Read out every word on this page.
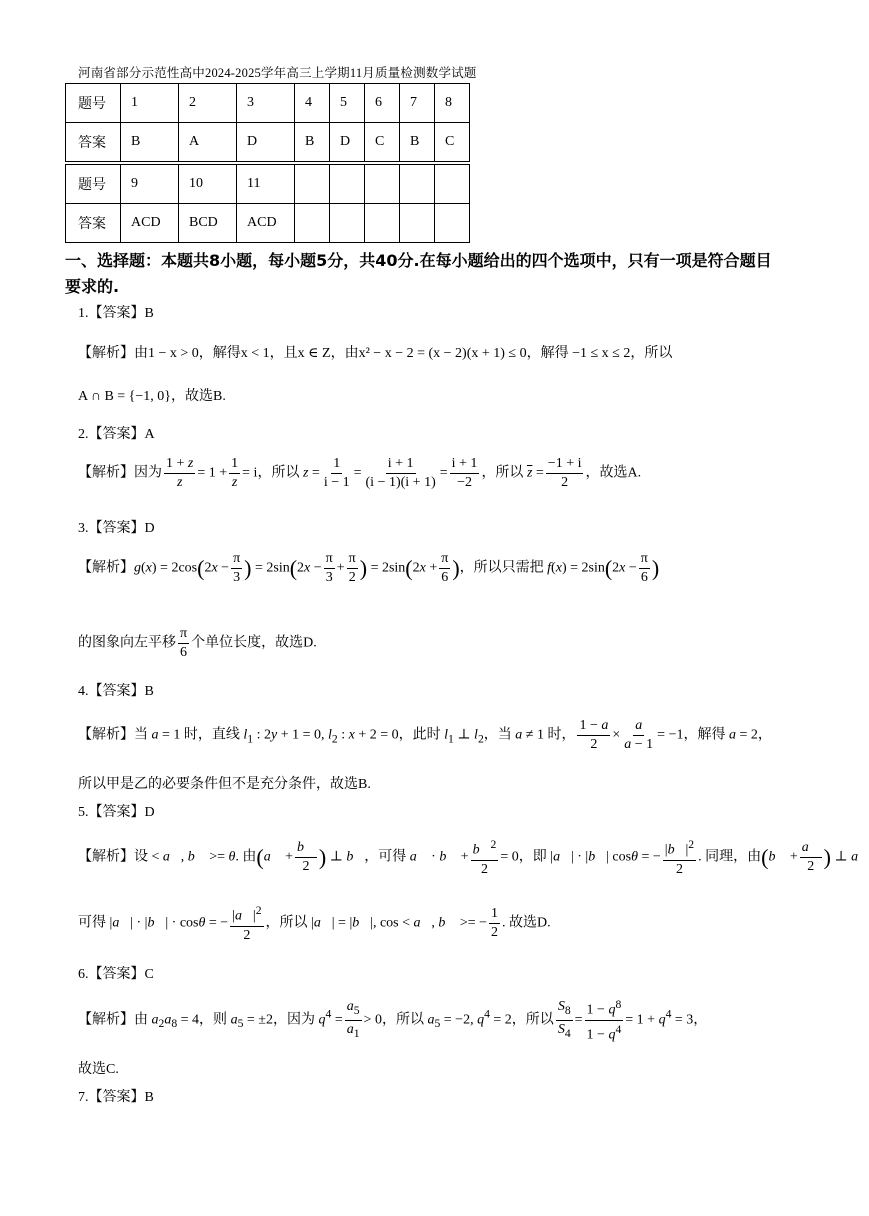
河南省部分示范性高中2024-2025学年高三上学期11月质量检测数学试题
题号	1	2	3	4	5	6	7	8
答案	B	A	D	B	D	C	B	C
题号	9	10	11					
答案	ACD	BCD	ACD					
一、选择题：本题共8小题，每小题5分，共40分.在每小题给出的四个选项中，只有一项是符合题目要求的.
1.【答案】B
【解析】由1 − x > 0，解得x < 1，且x ∈ Z，由x² − x − 2 = (x − 2)(x + 1) ≤ 0，解得 −1 ≤ x ≤ 2，所以
A ∩ B = {−1, 0}，故选B.
2.【答案】A
【解析】因为 $\frac{1 + z}{z} = 1 + \frac{1}{z} = i$，所以 $z = \frac{1}{i - 1} = \frac{i + 1}{(i - 1)(i + 1)} = \frac{i + 1}{-2}$ ，所以 $\overline{z} = \frac{-1 + i}{2}$ ，故选A.
3.【答案】D
【解析】$g(x) = 2\cos(2x - \frac{\pi}{3}$ ) = $2\sin(2x - \frac{\pi}{3} + \frac{\pi}{2}$ ) = $2\sin(2x + \frac{\pi}{6}$ )，所以只需把 $f(x) = 2\sin(2x - \frac{\pi}{6}$ )
的图象向左平移 $\frac{\pi}{6}$ 个单位长度，故选D.
4.【答案】B
【解析】当 a = 1 时，直线 $l_1$ : 2y + 1 = 0, $l_2$ : x + 2 = 0，此时 $l_1$ ⊥ $l_2$，当 a ≠ 1 时， $\frac{1 - a}{2} \times \frac{a}{a - 1} = -1$，解得 a = 2，
所以甲是乙的必要条件但不是充分条件，故选B.
5.【答案】D
【解析】设 < a⃗, b⃗ >= θ. 由(a⃗ + $\frac{b⃗}{2}$ ) ⊥ b⃗，可得 a⃗ · b⃗ + $\frac{b⃗^2}{2} = 0$，即 |a⃗| · |b⃗| cosθ = − $\frac{|b⃗|^2}{2}$ . 同理，由(b⃗ + $\frac{a⃗}{2}$ ) ⊥ a⃗
可得 |a⃗| · |b⃗| · cosθ = − $\frac{|a⃗|^2}{2}$ ，所以 |a⃗| = |b⃗|, cos < a⃗, b⃗ >= − $\frac{1}{2}$ . 故选D.
6.【答案】C
【解析】由 $a_2a_8 = 4$，则 $a_5 = \pm 2$，因为 $q^4 = \frac{a_5}{a_1} > 0$，所以 $a_5 = -2$, $q^4 = 2$，所以 $\frac{S_8}{S_4} = \frac{1 - q^8}{1 - q^4} = 1 + q^4 = 3$，
故选C.
7.【答案】B
